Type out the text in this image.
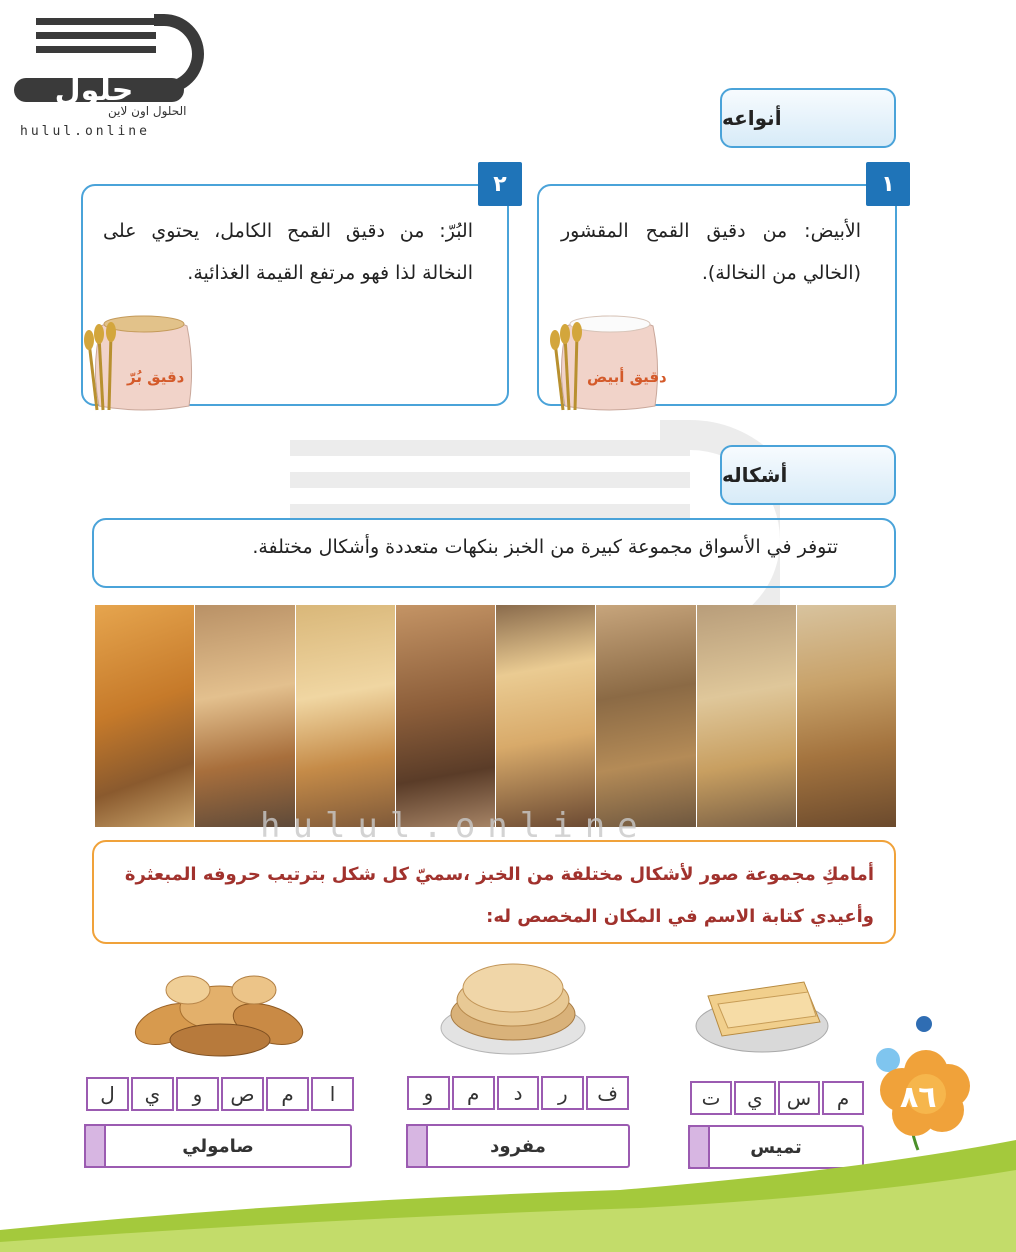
حلول
الحلول اون لاين
hulul.online
أنواعه
الأبيض: من دقيق القمح المقشور (الخالي من النخالة).
دقيق أبيض
١
البُرّ: من دقيق القمح الكامل، يحتوي على النخالة لذا فهو مرتفع القيمة الغذائية.
دقيق بُرّ
٢
أشكاله
تتوفر في الأسواق مجموعة كبيرة من الخبز بنكهات متعددة وأشكال مختلفة.
hulul.online
أمامكِ مجموعة صور لأشكال مختلفة من الخبز ،سميّ كل شكل بترتيب حروفه المبعثرة
وأعيدي كتابة الاسم في المكان المخصص له:
م
س
ي
ت
تميس
ف
ر
د
م
و
مفرود
ا
م
ص
و
ي
ل
صامولي
٨٦
